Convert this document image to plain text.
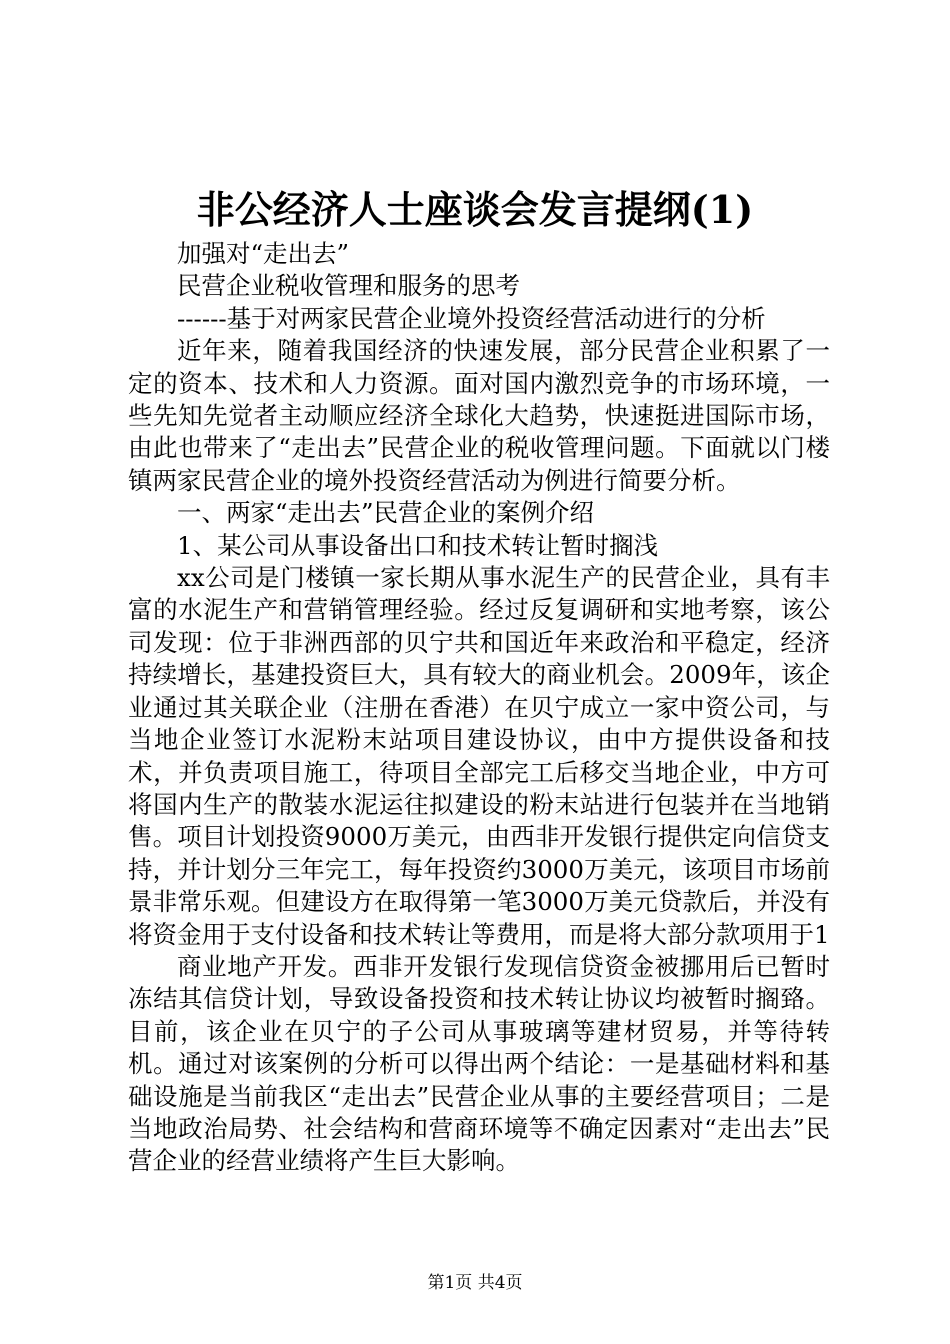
非公经济人士座谈会发言提纲(1)

加强对“走出去”

民营企业税收管理和服务的思考

------基于对两家民营企业境外投资经营活动进行的分析

近年来，随着我国经济的快速发展，部分民营企业积累了一定的资本、技术和人力资源。面对国内激烈竞争的市场环境，一些先知先觉者主动顺应经济全球化大趋势，快速挺进国际市场，由此也带来了“走出去”民营企业的税收管理问题。下面就以门楼镇两家民营企业的境外投资经营活动为例进行简要分析。

一、两家“走出去”民营企业的案例介绍

1、某公司从事设备出口和技术转让暂时搁浅

xx公司是门楼镇一家长期从事水泥生产的民营企业，具有丰富的水泥生产和营销管理经验。经过反复调研和实地考察，该公司发现：位于非洲西部的贝宁共和国近年来政治和平稳定，经济持续增长，基建投资巨大，具有较大的商业机会。2009年，该企业通过其关联企业（注册在香港）在贝宁成立一家中资公司，与当地企业签订水泥粉末站项目建设协议，由中方提供设备和技术，并负责项目施工，待项目全部完工后移交当地企业，中方可将国内生产的散装水泥运往拟建设的粉末站进行包装并在当地销售。项目计划投资9000万美元，由西非开发银行提供定向信贷支持，并计划分三年完工，每年投资约3000万美元，该项目市场前景非常乐观。但建设方在取得第一笔3000万美元贷款后，并没有将资金用于支付设备和技术转让等费用，而是将大部分款项用于1

商业地产开发。西非开发银行发现信贷资金被挪用后已暂时冻结其信贷计划，导致设备投资和技术转让协议均被暂时搁臵。目前，该企业在贝宁的子公司从事玻璃等建材贸易，并等待转机。通过对该案例的分析可以得出两个结论：一是基础材料和基础设施是当前我区“走出去”民营企业从事的主要经营项目；二是当地政治局势、社会结构和营商环境等不确定因素对“走出去”民营企业的经营业绩将产生巨大影响。

第1页 共4页
